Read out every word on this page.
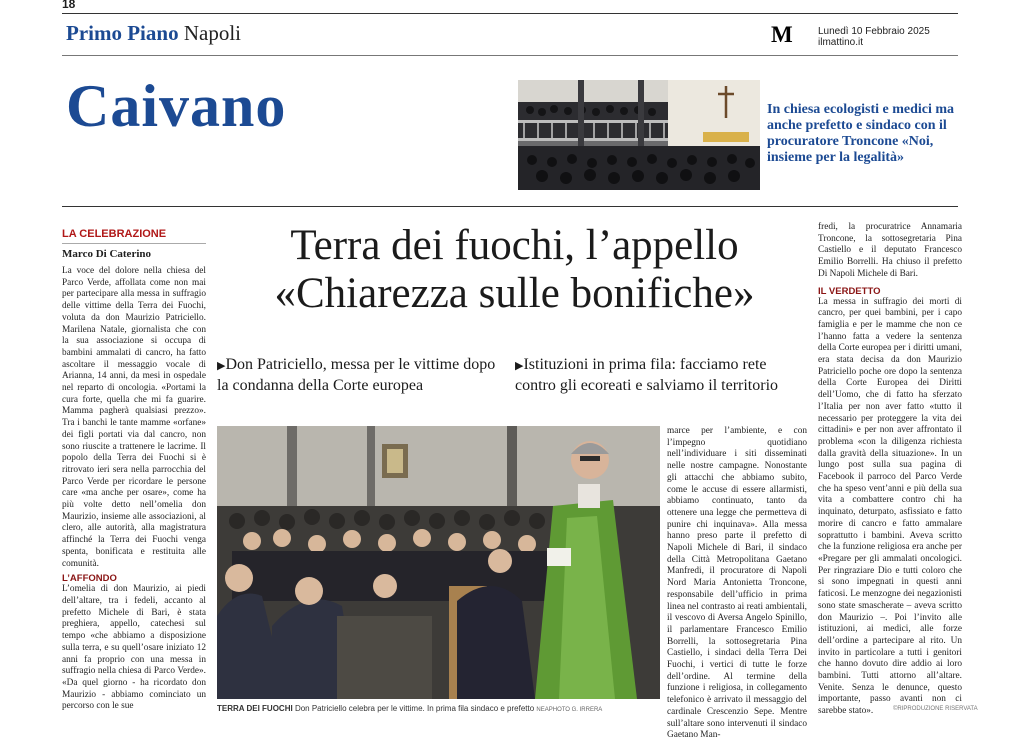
18
Primo Piano Napoli	M	Lunedì 10 Febbraio 2025
ilmattino.it
Caivano	In chiesa ecologisti e medici ma anche prefetto e sindaco con il procuratore Troncone «Noi, insieme per la legalità»
LA CELEBRAZIONE
Marco Di Caterino

La voce del dolore nella chiesa del Parco Verde, affollata come non mai per partecipare alla messa in suffragio delle vittime della Terra dei Fuochi, voluta da don Maurizio Patriciello. Marilena Natale, giornalista che con la sua associazione si occupa di bambini ammalati di cancro, ha fatto ascoltare il messaggio vocale di Arianna, 14 anni, da mesi in ospedale nel reparto di oncologia. «Portami la cura forte, quella che mi fa guarire. Mamma pagherà qualsiasi prezzo». Tra i banchi le tante mamme «orfane» dei figli portati via dal cancro, non sono riuscite a trattenere le lacrime. Il popolo della Terra dei Fuochi si è ritrovato ieri sera nella parrocchia del Parco Verde per ricordare le persone care «ma anche per osare», come ha più volte detto nell’omelia don Maurizio, insieme alle associazioni, al clero, alle autorità, alla magistratura affinché la Terra dei Fuochi venga spenta, bonificata e restituita alle comunità.

L’AFFONDO

L’omelia di don Maurizio, ai piedi dell’altare, tra i fedeli, accanto al prefetto Michele di Bari, è stata preghiera, appello, catechesi sul tempo «che abbiamo a disposizione sulla terra, e su quell’osare iniziato 12 anni fa proprio con una messa in suffragio nella chiesa di Parco Verde». «Da quel giorno - ha ricordato don Maurizio - abbiamo cominciato un percorso con le sue

Terra dei fuochi, l’appello
«Chiarezza sulle bonifiche»
▶Don Patriciello, messa per le vittime dopo la condanna della Corte europea
▶Istituzioni in prima fila: facciamo rete contro gli ecoreati e salviamo il territorio
TERRA DEI FUOCHI Don Patriciello celebra per le vittime. In prima fila sindaco e prefetto NEAPHOTO G. IRRERA

marce per l’ambiente, e con l’impegno quotidiano nell’individuare i siti disseminati nelle nostre campagne. Nonostante gli attacchi che abbiamo subito, come le accuse di essere allarmisti, abbiamo continuato, tanto da ottenere una legge che permetteva di punire chi inquinava». Alla messa hanno preso parte il prefetto di Napoli Michele di Bari, il sindaco della Città Metropolitana Gaetano Manfredi, il procuratore di Napoli Nord Maria Antonietta Troncone, responsabile dell’ufficio in prima linea nel contrasto ai reati ambientali, il vescovo di Aversa Angelo Spinillo, il parlamentare Francesco Emilio Borrelli, la sottosegretaria Pina Castiello, i sindaci della Terra Dei Fuochi, i vertici di tutte le forze dell’ordine. Al termine della funzione i religiosa, in collegamento telefonico è arrivato il messaggio del cardinale Crescenzio Sepe. Mentre sull’altare sono intervenuti il sindaco Gaetano Man-

fredi, la procuratrice Annamaria Troncone, la sottosegretaria Pina Castiello e il deputato Francesco Emilio Borrelli. Ha chiuso il prefetto Di Napoli Michele di Bari.

IL VERDETTO

La messa in suffragio dei morti di cancro, per quei bambini, per i capo famiglia e per le mamme che non ce l’hanno fatta a vedere la sentenza della Corte europea per i diritti umani, era stata decisa da don Maurizio Patriciello poche ore dopo la sentenza della Corte Europea dei Diritti dell’Uomo, che di fatto ha sferzato l’Italia per non aver fatto «tutto il necessario per proteggere la vita dei cittadini» e per non aver affrontato il problema «con la diligenza richiesta dalla gravità della situazione». In un lungo post sulla sua pagina di Facebook il parroco del Parco Verde che ha speso vent’anni e più della sua vita a combattere contro chi ha inquinato, deturpato, asfissiato e fatto morire di cancro e fatto ammalare soprattutto i bambini. Aveva scritto che la funzione religiosa era anche per «Pregare per gli ammalati oncologici. Per ringraziare Dio e tutti coloro che si sono impegnati in questi anni faticosi. Le menzogne dei negazionisti sono state smascherate – aveva scritto don Maurizio –. Poi l’invito alle istituzioni, ai medici, alle forze dell’ordine a partecipare al rito. Un invito in particolare a tutti i genitori che hanno dovuto dire addio ai loro bambini. Tutti attorno all’altare. Venite. Senza le denunce, questo importante, passo avanti non ci sarebbe stato».	©RIPRODUZIONE RISERVATA
